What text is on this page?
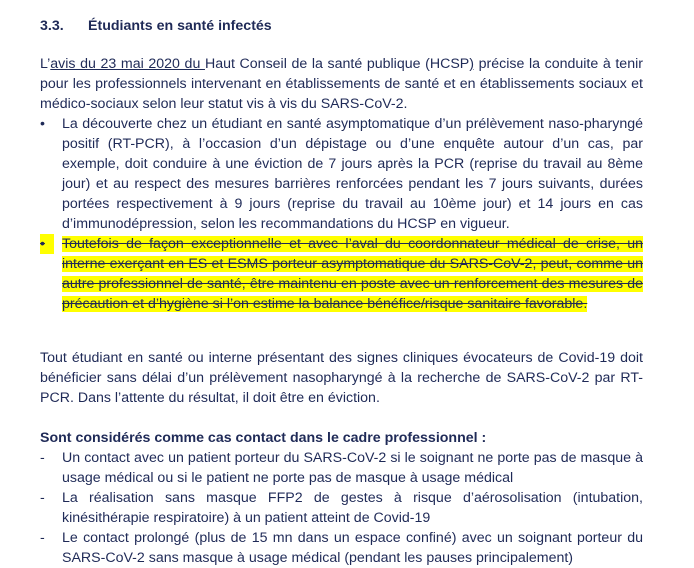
3.3. Étudiants en santé infectés
L’avis du 23 mai 2020 du Haut Conseil de la santé publique (HCSP) précise la conduite à tenir pour les professionnels intervenant en établissements de santé et en établissements sociaux et médico-sociaux selon leur statut vis à vis du SARS-CoV-2.
•	La découverte chez un étudiant en santé asymptomatique d’un prélèvement naso-pharyngé positif (RT-PCR), à l’occasion d’un dépistage ou d’une enquête autour d’un cas, par exemple, doit conduire à une éviction de 7 jours après la PCR (reprise du travail au 8ème jour) et au respect des mesures barrières renforcées pendant les 7 jours suivants, durées portées respectivement à 9 jours (reprise du travail au 10ème jour) et 14 jours en cas d’immunodépression, selon les recommandations du HCSP en vigueur.
•	Toutefois de façon exceptionnelle et avec l’aval du coordonnateur médical de crise, un interne exerçant en ES et ESMS porteur asymptomatique du SARS-CoV-2, peut, comme un autre professionnel de santé, être maintenu en poste avec un renforcement des mesures de précaution et d’hygiène si l’on estime la balance bénéfice/risque sanitaire favorable.
Tout étudiant en santé ou interne présentant des signes cliniques évocateurs de Covid-19 doit bénéficier sans délai d’un prélèvement nasopharyngé à la recherche de SARS-CoV-2 par RT-PCR. Dans l’attente du résultat, il doit être en éviction.
Sont considérés comme cas contact dans le cadre professionnel :
-	Un contact avec un patient porteur du SARS-CoV-2 si le soignant ne porte pas de masque à usage médical ou si le patient ne porte pas de masque à usage médical
-	La réalisation sans masque FFP2 de gestes à risque d’aérosolisation (intubation, kinésithérapie respiratoire) à un patient atteint de Covid-19
-	Le contact prolongé (plus de 15 mn dans un espace confiné) avec un soignant porteur du SARS-CoV-2 sans masque à usage médical (pendant les pauses principalement)
